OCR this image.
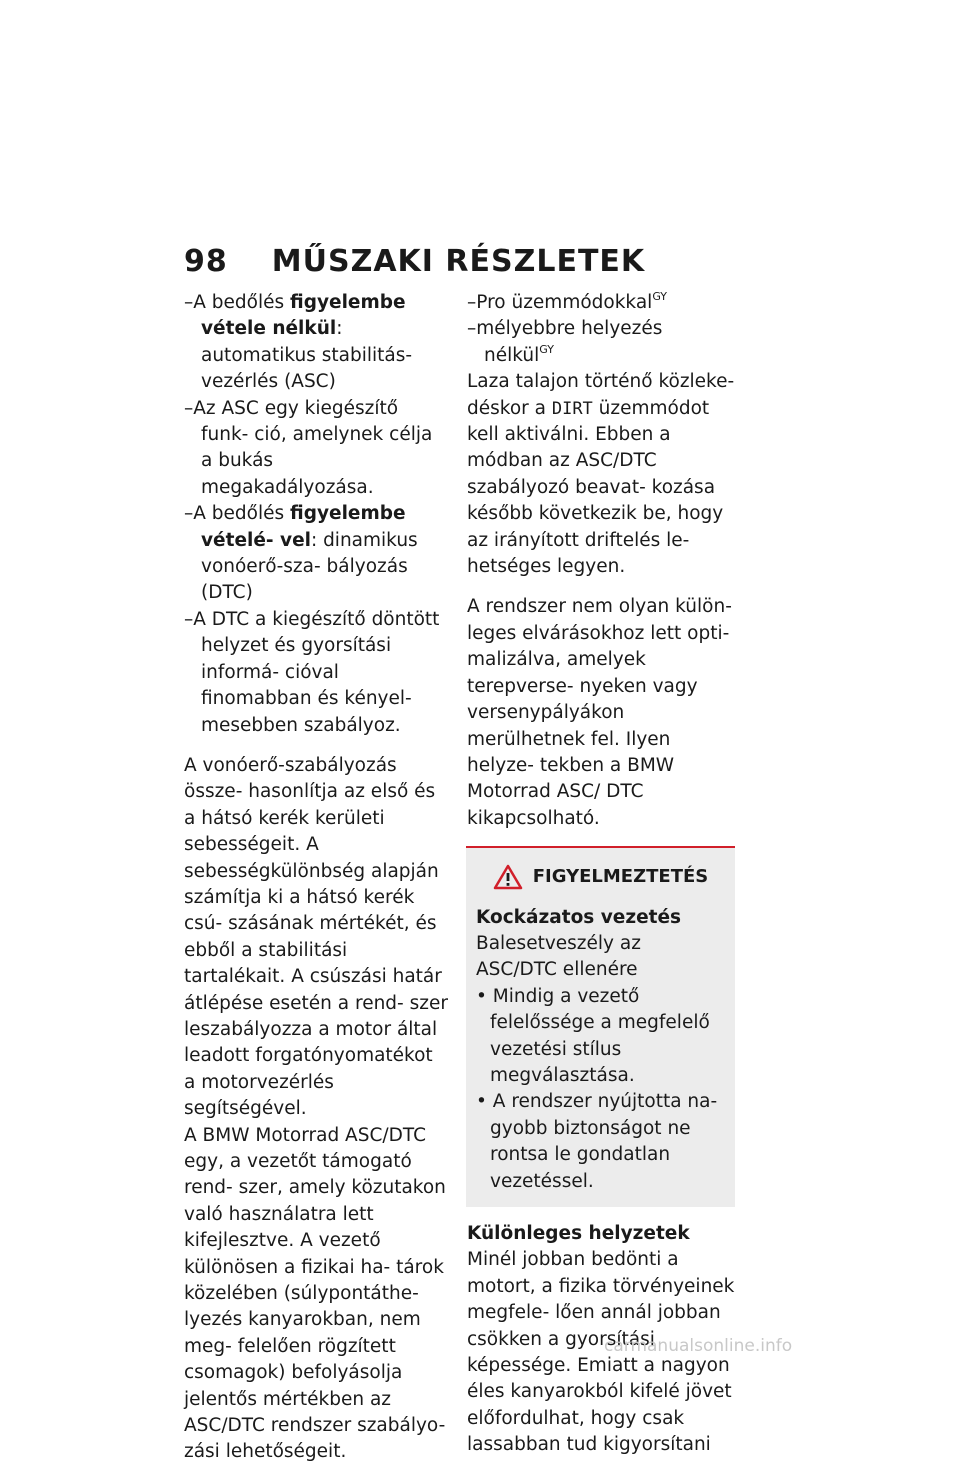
98 MŰSZAKI RÉSZLETEK

–A bedőlés figyelembe vétele nélkül: automatikus stabilitás- vezérlés (ASC)

–Az ASC egy kiegészítő funk- ció, amelynek célja a bukás megakadályozása.

–A bedőlés figyelembe vételé- vel: dinamikus vonóerő-sza- bályozás (DTC)

–A DTC a kiegészítő döntött helyzet és gyorsítási informá- cióval finomabban és kényel- mesebben szabályoz.

A vonóerő-szabályozás össze- hasonlítja az első és a hátsó kerék kerületi sebességeit. A sebességkülönbség alapján számítja ki a hátsó kerék csú- szásának mértékét, és ebből a stabilitási tartalékait. A csúszási határ átlépése esetén a rend- szer leszabályozza a motor által leadott forgatónyomatékot a motorvezérlés segítségével.

A BMW Motorrad ASC/DTC egy, a vezetőt támogató rend- szer, amely közutakon való használatra lett kifejlesztve. A vezető különösen a fizikai ha- tárok közelében (súlypontáthe- lyezés kanyarokban, nem meg- felelően rögzített csomagok) befolyásolja jelentős mértékben az ASC/DTC rendszer szabályo- zási lehetőségeit.

–Pro üzemmódokkal$^{GY}$

–mélyebbre helyezés nélkül$^{GY}$

Laza talajon történő közleke- déskor a DIRT üzemmódot kell aktiválni. Ebben a módban az ASC/DTC szabályozó beavat- kozása később következik be, hogy az irányított driftelés le- hetséges legyen.

A rendszer nem olyan külön- leges elvárásokhoz lett opti- malizálva, amelyek terepverse- nyeken vagy versenypályákon merülhetnek fel. Ilyen helyze- tekben a BMW Motorrad ASC/ DTC kikapcsolható.

FIGYELMEZTETÉS

Kockázatos vezetés

Balesetveszély az ASC/DTC ellenére

• Mindig a vezető felelőssége a megfelelő vezetési stílus megválasztása.

• A rendszer nyújtotta na- gyobb biztonságot ne rontsa le gondatlan vezetéssel.

Különleges helyzetek

Minél jobban bedönti a motort, a fizika törvényeinek megfele- lően annál jobban csökken a gyorsítási képessége. Emiatt a nagyon éles kanyarokból kifelé jövet előfordulhat, hogy csak lassabban tud kigyorsítani

carmanualsonline.info
